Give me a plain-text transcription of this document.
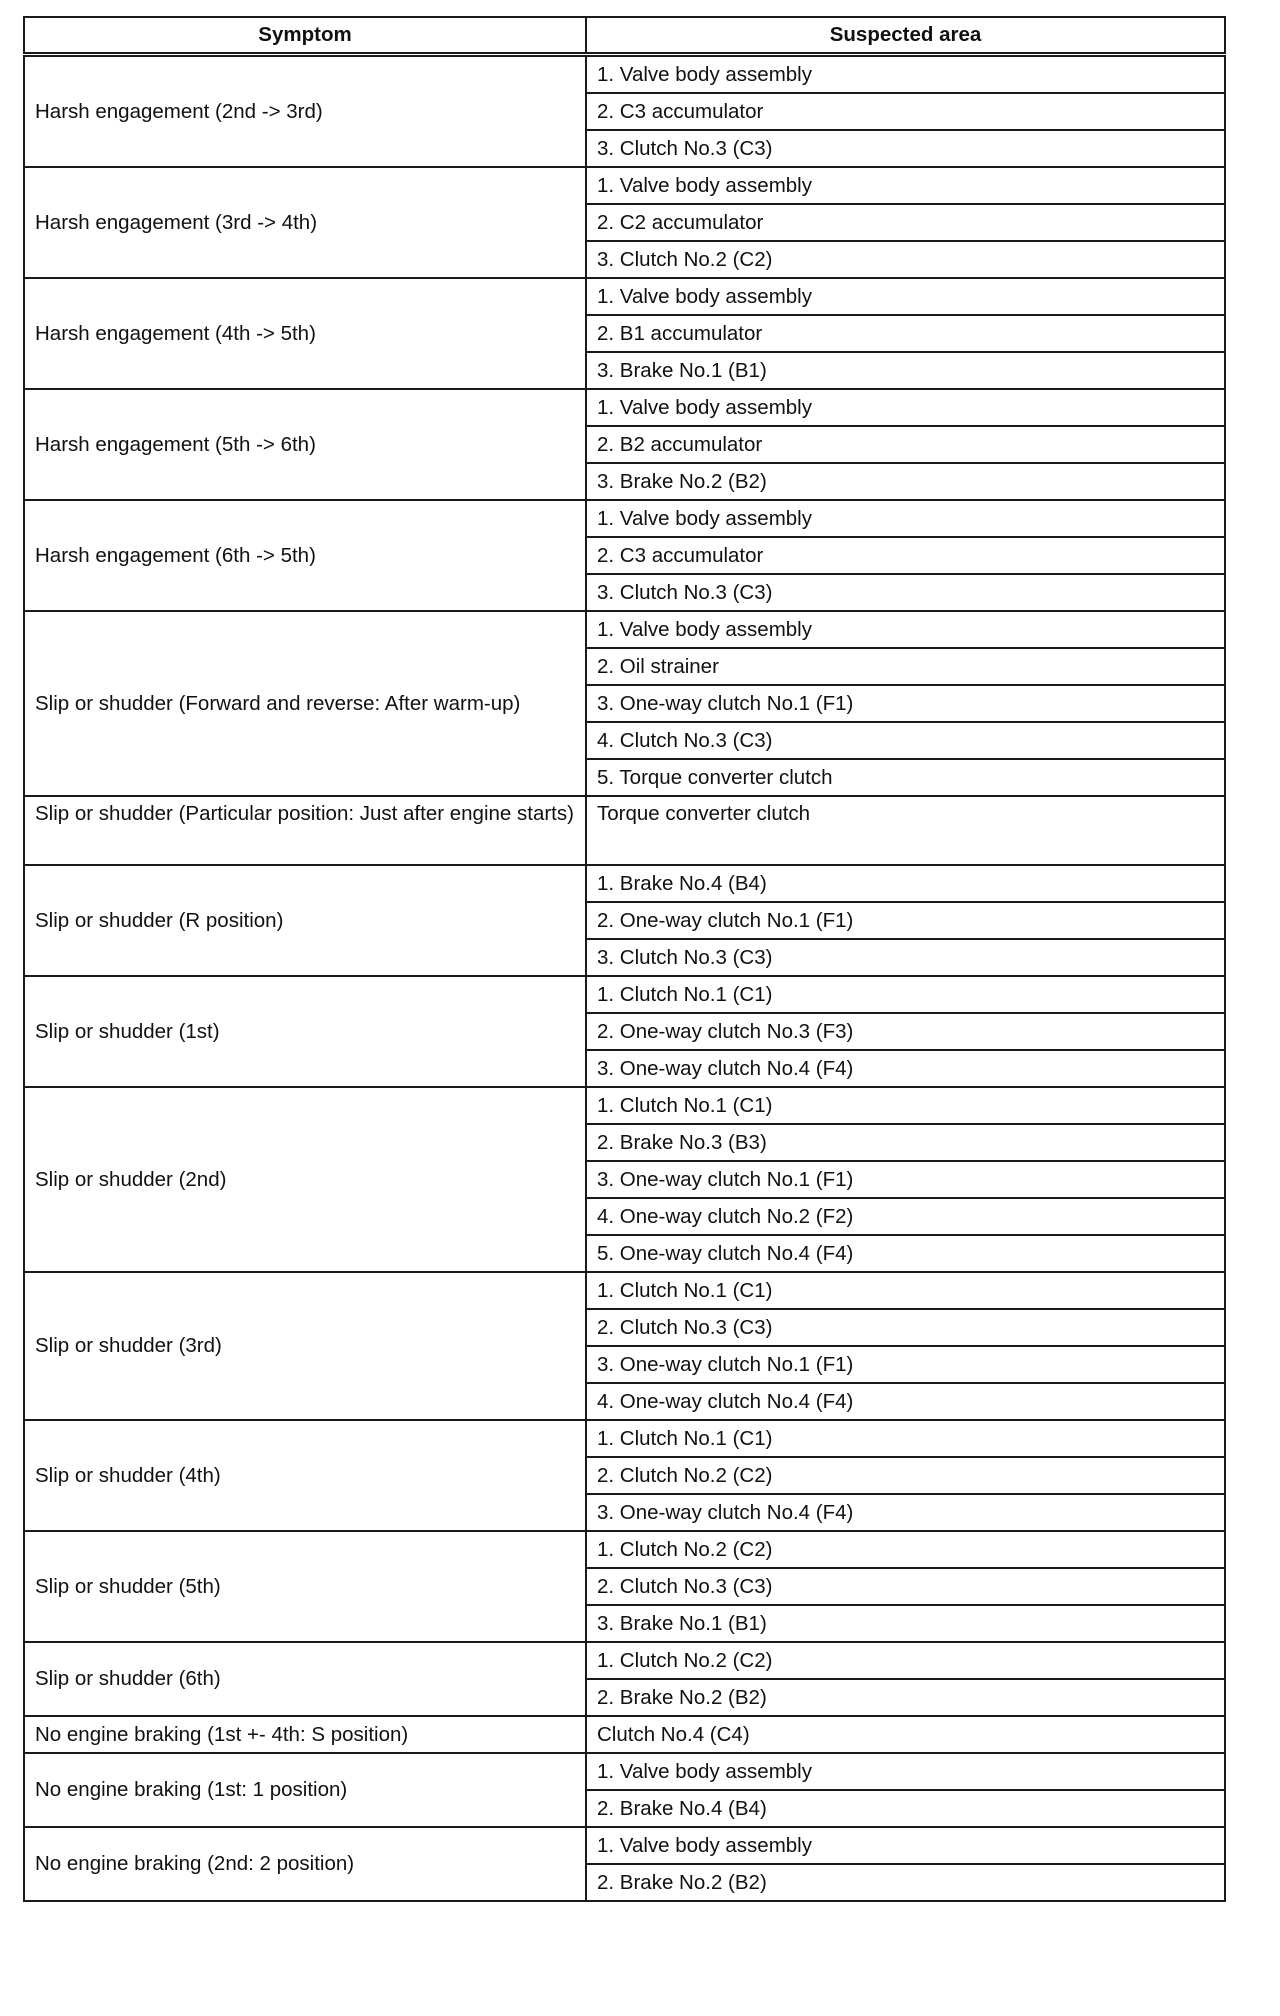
Symptom	Suspected area
Harsh engagement (2nd -> 3rd)	1. Valve body assembly
	2. C3 accumulator
	3. Clutch No.3 (C3)
Harsh engagement (3rd -> 4th)	1. Valve body assembly
	2. C2 accumulator
	3. Clutch No.2 (C2)
Harsh engagement (4th -> 5th)	1. Valve body assembly
	2. B1 accumulator
	3. Brake No.1 (B1)
Harsh engagement (5th -> 6th)	1. Valve body assembly
	2. B2 accumulator
	3. Brake No.2 (B2)
Harsh engagement (6th -> 5th)	1. Valve body assembly
	2. C3 accumulator
	3. Clutch No.3 (C3)
Slip or shudder (Forward and reverse: After warm-up)	1. Valve body assembly
	2. Oil strainer
	3. One-way clutch No.1 (F1)
	4. Clutch No.3 (C3)
	5. Torque converter clutch
Slip or shudder (Particular position: Just after engine starts)	Torque converter clutch
Slip or shudder (R position)	1. Brake No.4 (B4)
	2. One-way clutch No.1 (F1)
	3. Clutch No.3 (C3)
Slip or shudder (1st)	1. Clutch No.1 (C1)
	2. One-way clutch No.3 (F3)
	3. One-way clutch No.4 (F4)
Slip or shudder (2nd)	1. Clutch No.1 (C1)
	2. Brake No.3 (B3)
	3. One-way clutch No.1 (F1)
	4. One-way clutch No.2 (F2)
	5. One-way clutch No.4 (F4)
Slip or shudder (3rd)	1. Clutch No.1 (C1)
	2. Clutch No.3 (C3)
	3. One-way clutch No.1 (F1)
	4. One-way clutch No.4 (F4)
Slip or shudder (4th)	1. Clutch No.1 (C1)
	2. Clutch No.2 (C2)
	3. One-way clutch No.4 (F4)
Slip or shudder (5th)	1. Clutch No.2 (C2)
	2. Clutch No.3 (C3)
	3. Brake No.1 (B1)
Slip or shudder (6th)	1. Clutch No.2 (C2)
	2. Brake No.2 (B2)
No engine braking (1st +- 4th: S position)	Clutch No.4 (C4)
No engine braking (1st: 1 position)	1. Valve body assembly
	2. Brake No.4 (B4)
No engine braking (2nd: 2 position)	1. Valve body assembly
	2. Brake No.2 (B2)
